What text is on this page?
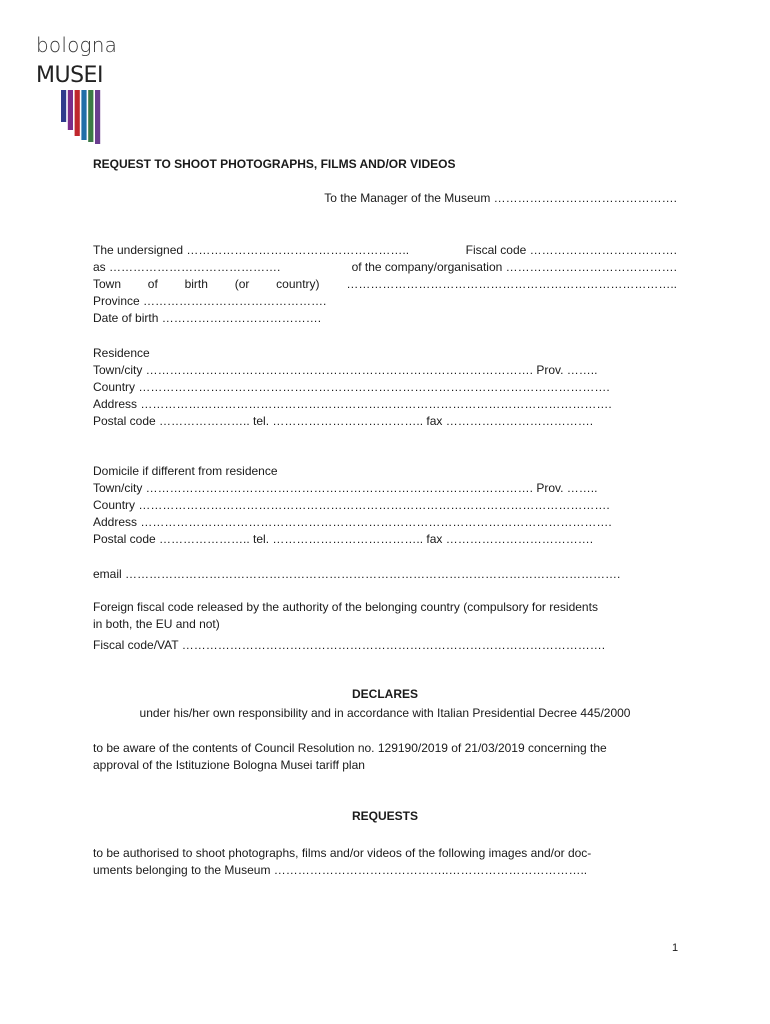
bologna
MUSEI
REQUEST TO SHOOT PHOTOGRAPHS, FILMS AND/OR VIDEOS
To the Manager of the Museum ……………………………………….
The undersigned ………………………………………………..	Fiscal code ……………………………….
as …………………………………….	of the company/organisation …………………………………….
Town of birth (or country) ………………………………………………………………………..
Province ……………………………………….
Date of birth ………………………………….
Residence
Town/city ……………………………………………………………………………………. Prov. ……..
Country ……………………………………………………………………………………………………….
Address ……………………………………………………………………………………………………….
Postal code ………………….. tel. ……………………………….. fax ……………………………….
Domicile if different from residence
Town/city ……………………………………………………………………………………. Prov. ……..
Country ……………………………………………………………………………………………………….
Address ……………………………………………………………………………………………………….
Postal code ………………….. tel. ……………………………….. fax ……………………………….
email …………………………………………………………………………………………………………….
Foreign fiscal code released by the authority of the belonging country (compulsory for residents
in both, the EU and not)
Fiscal code/VAT …………………………………………………………………………………………….
DECLARES
under his/her own responsibility and in accordance with Italian Presidential Decree 445/2000
to be aware of the contents of Council Resolution no. 129190/2019 of 21/03/2019 concerning the
approval of the Istituzione Bologna Musei tariff plan
REQUESTS
to be authorised to shoot photographs, films and/or videos of the following images and/or doc-
uments belonging to the Museum ……………………………………..……………………………..
1
